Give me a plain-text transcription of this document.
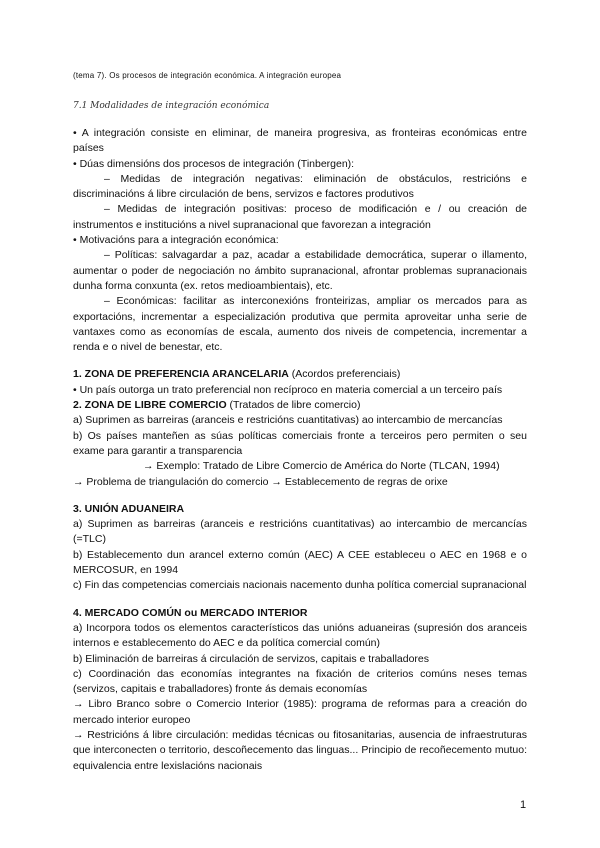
(tema 7). Os procesos de integración económica. A integración europea
7.1 Modalidades de integración económica

• A integración consiste en eliminar, de maneira progresiva, as fronteiras económicas entre países

• Dúas dimensións dos procesos de integración (Tinbergen):

– Medidas de integración negativas: eliminación de obstáculos, restricións e discriminacións á libre circulación de bens, servizos e factores produtivos

– Medidas de integración positivas: proceso de modificación e / ou creación de instrumentos e institucións a nivel supranacional que favorezan a integración

• Motivacións para a integración económica:

– Políticas: salvagardar a paz, acadar a estabilidade democrática, superar o illamento, aumentar o poder de negociación no ámbito supranacional, afrontar problemas supranacionais dunha forma conxunta (ex. retos medioambientais), etc.

– Económicas: facilitar as interconexións fronteirizas, ampliar os mercados para as exportacións, incrementar a especialización produtiva que permita aproveitar unha serie de vantaxes como as economías de escala, aumento dos niveis de competencia, incrementar a renda e o nivel de benestar, etc.

1. ZONA DE PREFERENCIA ARANCELARIA (Acordos preferenciais)

• Un país outorga un trato preferencial non recíproco en materia comercial a un terceiro país

2. ZONA DE LIBRE COMERCIO (Tratados de libre comercio)

a) Suprimen as barreiras (aranceis e restricións cuantitativas) ao intercambio de mercancías

b) Os países manteñen as súas políticas comerciais fronte a terceiros pero permiten o seu exame para garantir a transparencia

→ Exemplo: Tratado de Libre Comercio de América do Norte (TLCAN, 1994)

→ Problema de triangulación do comercio → Establecemento de regras de orixe

3. UNIÓN ADUANEIRA

a) Suprimen as barreiras (aranceis e restricións cuantitativas) ao intercambio de mercancías (=TLC)

b) Establecemento dun arancel externo común (AEC) A CEE estableceu o AEC en 1968 e o MERCOSUR, en 1994

c) Fin das competencias comerciais nacionais nacemento dunha política comercial supranacional

4. MERCADO COMÚN ou MERCADO INTERIOR

a) Incorpora todos os elementos característicos das unións aduaneiras (supresión dos aranceis internos e establecemento do AEC e da política comercial común)

b) Eliminación de barreiras á circulación de servizos, capitais e traballadores

c) Coordinación das economías integrantes na fixación de criterios comúns neses temas (servizos, capitais e traballadores) fronte ás demais economías

→ Libro Branco sobre o Comercio Interior (1985): programa de reformas para a creación do mercado interior europeo

→ Restricións á libre circulación: medidas técnicas ou fitosanitarias, ausencia de infraestruturas que interconecten o territorio, descoñecemento das linguas... Principio de recoñecemento mutuo: equivalencia entre lexislacións nacionais

1
